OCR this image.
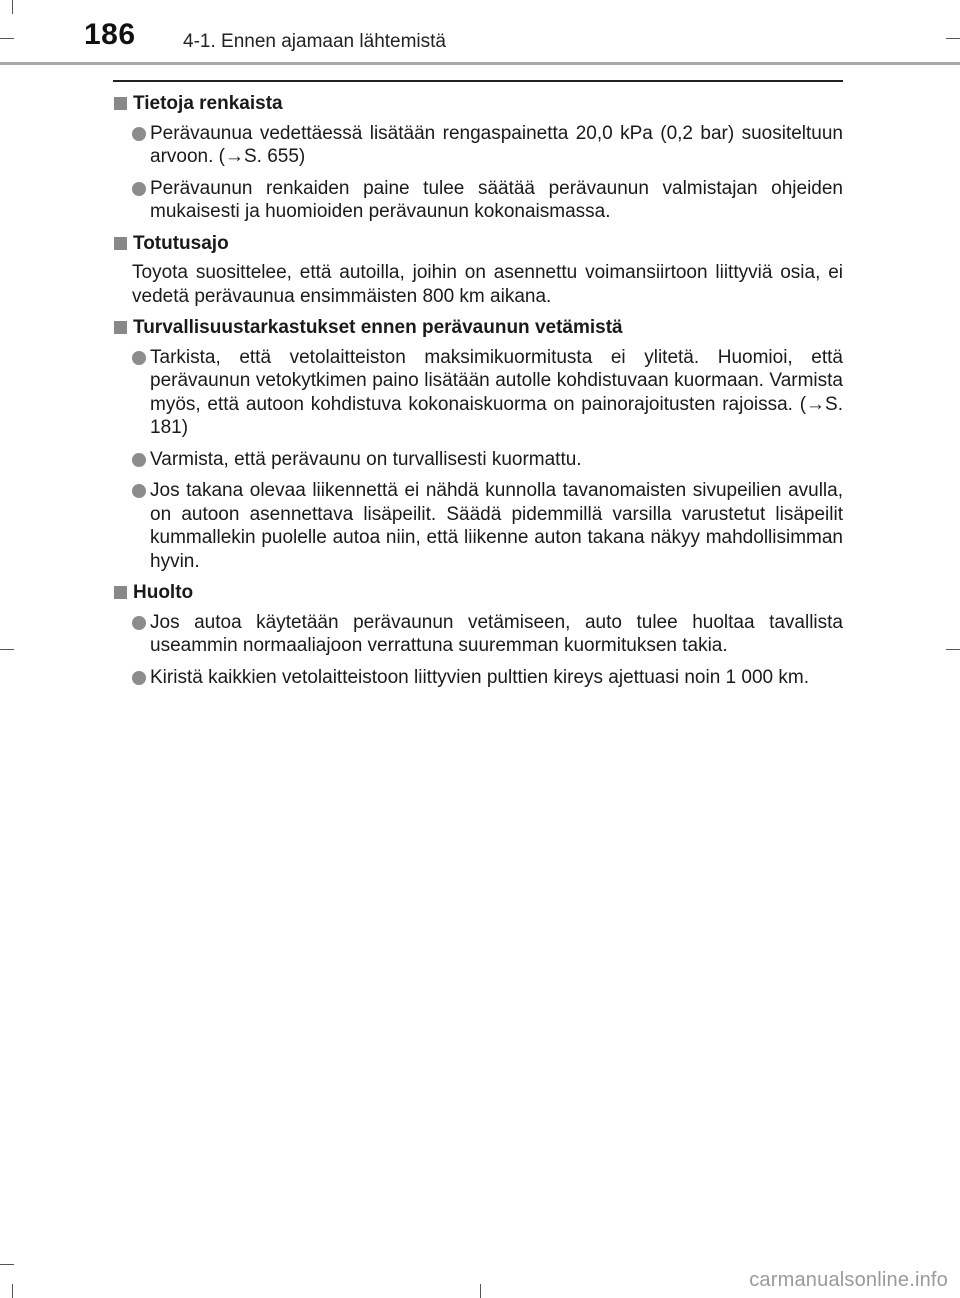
186 4-1. Ennen ajamaan lähtemistä
Tietoja renkaista
Perävaunua vedettäessä lisätään rengaspainetta 20,0 kPa (0,2 bar) suositeltuun arvoon. (→S. 655)
Perävaunun renkaiden paine tulee säätää perävaunun valmistajan ohjeiden mukaisesti ja huomioiden perävaunun kokonaismassa.
Totutusajo

Toyota suosittelee, että autoilla, joihin on asennettu voimansiirtoon liittyviä osia, ei vedetä perävaunua ensimmäisten 800 km aikana.

Turvallisuustarkastukset ennen perävaunun vetämistä
Tarkista, että vetolaitteiston maksimikuormitusta ei ylitetä. Huomioi, että perävaunun vetokytkimen paino lisätään autolle kohdistuvaan kuormaan. Varmista myös, että autoon kohdistuva kokonaiskuorma on painorajoitusten rajoissa. (→S. 181)
Varmista, että perävaunu on turvallisesti kuormattu.
Jos takana olevaa liikennettä ei nähdä kunnolla tavanomaisten sivupeilien avulla, on autoon asennettava lisäpeilit. Säädä pidemmillä varsilla varustetut lisäpeilit kummallekin puolelle autoa niin, että liikenne auton takana näkyy mahdollisimman hyvin.
Huolto
Jos autoa käytetään perävaunun vetämiseen, auto tulee huoltaa tavallista useammin normaaliajoon verrattuna suuremman kuormituksen takia.
Kiristä kaikkien vetolaitteistoon liittyvien pulttien kireys ajettuasi noin 1 000 km.
carmanualsonline.info
